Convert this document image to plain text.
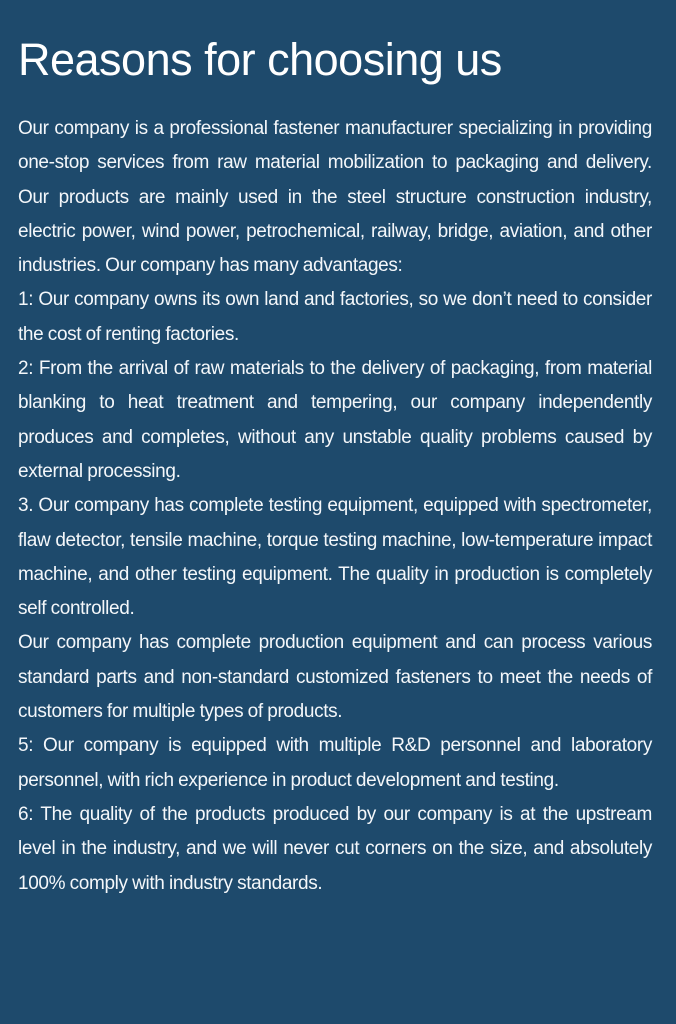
Reasons for choosing us

Our company is a professional fastener manufacturer specializing in providing one-stop services from raw material mobilization to packaging and delivery. Our products are mainly used in the steel structure construction industry, electric power, wind power, petrochemical, railway, bridge, aviation, and other industries. Our company has many advantages:

1: Our company owns its own land and factories, so we don’t need to consider the cost of renting factories.

2: From the arrival of raw materials to the delivery of packaging, from material blanking to heat treatment and tempering, our company independently produces and completes, without any unstable quality problems caused by external processing.

3. Our company has complete testing equipment, equipped with spectrometer, flaw detector, tensile machine, torque testing machine, low-temperature impact machine, and other testing equipment. The quality in production is completely self controlled.

Our company has complete production equipment and can process various standard parts and non-standard customized fasteners to meet the needs of customers for multiple types of products.

5: Our company is equipped with multiple R&D personnel and laboratory personnel, with rich experience in product development and testing.

6: The quality of the products produced by our company is at the upstream level in the industry, and we will never cut corners on the size, and absolutely 100% comply with industry standards.
